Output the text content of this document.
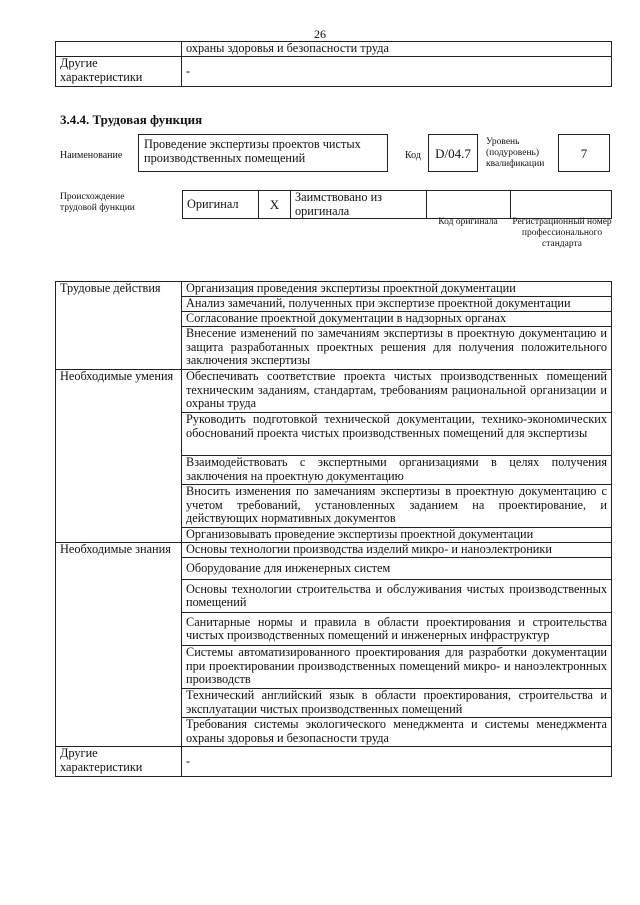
26
	охраны здоровья и безопасности труда
Другие характеристики	-
3.4.4. Трудовая функция
Наименование
Проведение экспертизы проектов чистых производственных помещений	Код	D/04.7
Уровень (подуровень) квалификации
7
Происхождение трудовой функции	Оригинал	X	Заимствовано из оригинала		
Код оригинала	Регистрационный номер профессионального стандарта
Трудовые действия	Организация проведения экспертизы проектной документации
	Анализ замечаний, полученных при экспертизе проектной документации
	Согласование проектной документации в надзорных органах
	Внесение изменений по замечаниям экспертизы в проектную документацию и защита разработанных проектных решения для получения положительного заключения экспертизы
Необходимые умения	Обеспечивать соответствие проекта чистых производственных помещений техническим заданиям, стандартам, требованиям рациональной организации и охраны труда
	Руководить подготовкой технической документации, технико-экономических обоснований проекта чистых производственных помещений для экспертизы
	Взаимодействовать с экспертными организациями в целях получения заключения на проектную документацию
	Вносить изменения по замечаниям экспертизы в проектную документацию с учетом требований, установленных заданием на проектирование, и действующих нормативных документов
	Организовывать проведение экспертизы проектной документации
Необходимые знания	Основы технологии производства изделий микро- и наноэлектроники
	Оборудование для инженерных систем
	Основы технологии строительства и обслуживания чистых производственных помещений
	Санитарные нормы и правила в области проектирования и строительства чистых производственных помещений и инженерных инфраструктур
	Системы автоматизированного проектирования для разработки документации при проектировании производственных помещений микро- и наноэлектронных производств
	Технический английский язык в области проектирования, строительства и эксплуатации чистых производственных помещений
	Требования системы экологического менеджмента и системы менеджмента охраны здоровья и безопасности труда
Другие характеристики	-
